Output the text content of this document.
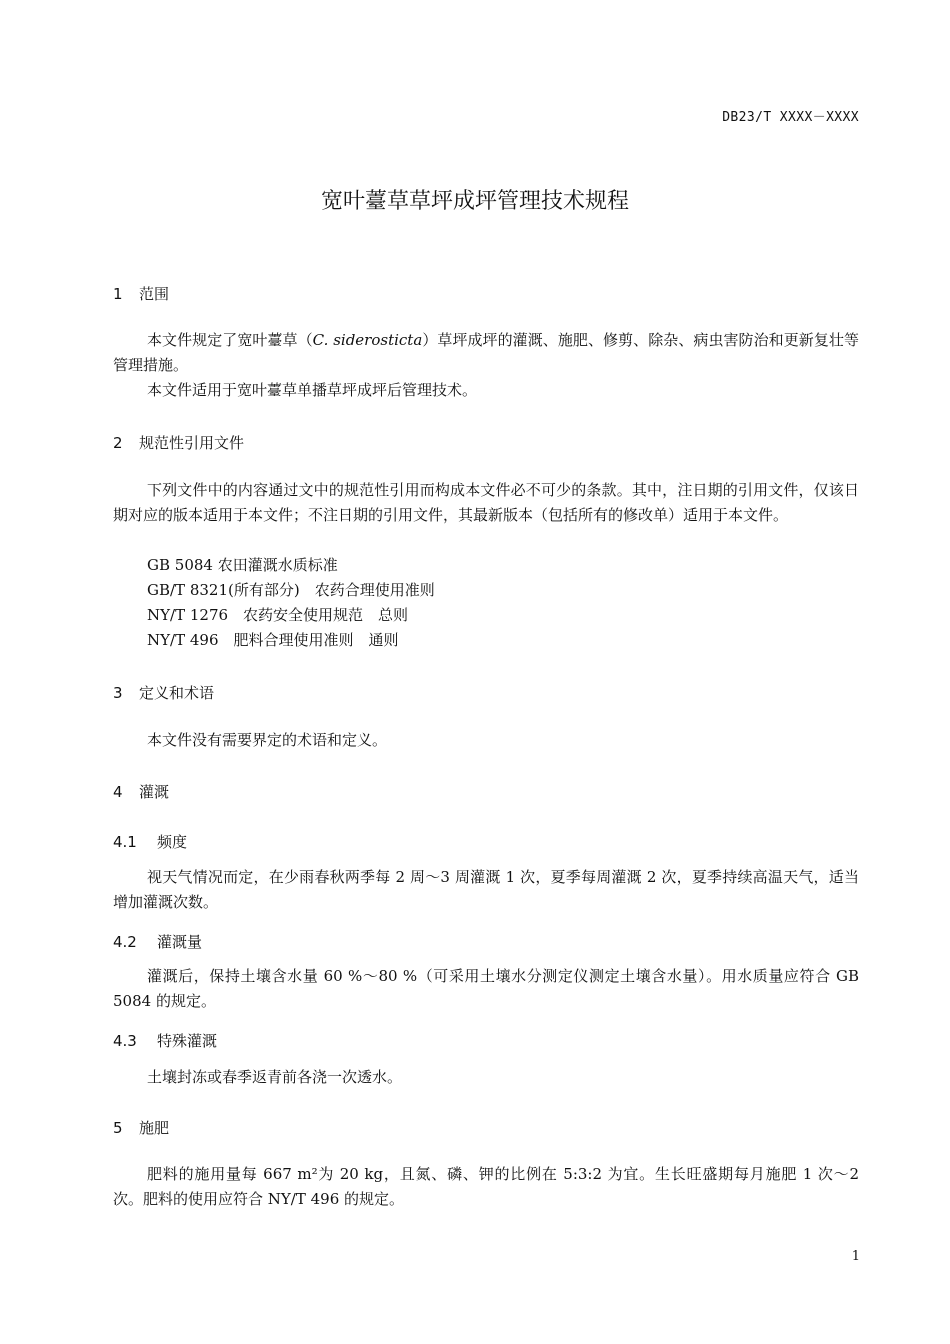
DB23/T XXXX－XXXX
宽叶薹草草坪成坪管理技术规程
1 范围
本文件规定了宽叶薹草（C. siderosticta）草坪成坪的灌溉、施肥、修剪、除杂、病虫害防治和更新复壮等管理措施。
本文件适用于宽叶薹草单播草坪成坪后管理技术。
2 规范性引用文件
下列文件中的内容通过文中的规范性引用而构成本文件必不可少的条款。其中，注日期的引用文件，仅该日期对应的版本适用于本文件；不注日期的引用文件，其最新版本（包括所有的修改单）适用于本文件。
GB 5084 农田灌溉水质标准
GB/T 8321(所有部分)　农药合理使用准则
NY/T 1276　农药安全使用规范　总则
NY/T 496　肥料合理使用准则　通则
3 定义和术语
本文件没有需要界定的术语和定义。
4 灌溉
4.1 频度
视天气情况而定，在少雨春秋两季每 2 周～3 周灌溉 1 次，夏季每周灌溉 2 次，夏季持续高温天气，适当增加灌溉次数。
4.2 灌溉量
灌溉后，保持土壤含水量 60 %～80 %（可采用土壤水分测定仪测定土壤含水量）。用水质量应符合 GB 5084 的规定。
4.3 特殊灌溉
土壤封冻或春季返青前各浇一次透水。
5 施肥
肥料的施用量每 667 m²为 20 kg，且氮、磷、钾的比例在 5:3:2 为宜。生长旺盛期每月施肥 1 次～2 次。肥料的使用应符合 NY/T 496 的规定。
1
